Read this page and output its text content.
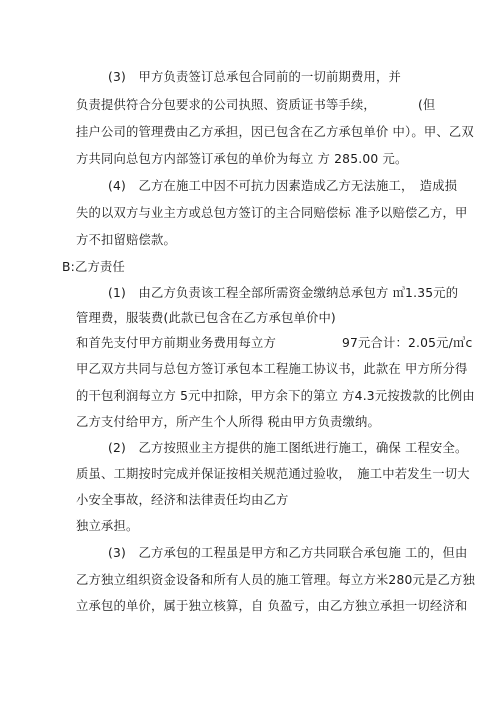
(3)　甲方负责签订总承包合同前的一切前期费用，并
负责提供符合分包要求的公司执照、资质证书等手续，	(但
挂户公司的管理费由乙方承担，因已包含在乙方承包单价 中）。甲、乙双
方共同向总包方内部签订承包的单价为每立 方 285.00 元。
(4)　乙方在施工中因不可抗力因素造成乙方无法施工，　造成损
失的以双方与业主方或总包方签订的主合同赔偿标 准予以赔偿乙方，甲
方不扣留赔偿款。
B:乙方责任
(1)　由乙方负责该工程全部所需资金缴纳总承包方 ㎥1.35元的
管理费，服装费(此款已包含在乙方承包单价中)
和首先支付甲方前期业务费用每立方	97元合计：2.05元/㎥c
甲乙双方共同与总包方签订承包本工程施工协议书，此款在 甲方所分得
的干包利润每立方 5元中扣除，甲方余下的第立 方4.3元按拨款的比例由
乙方支付给甲方，所产生个人所得 税由甲方负责缴纳。
(2)　乙方按照业主方提供的施工图纸进行施工，确保 工程安全。
质虽、工期按时完成并保证按相关规范通过验收，　施工中若发生一切大
小安全事故，经济和法律责任均由乙方
独立承担。
(3)　乙方承包的工程虽是甲方和乙方共同联合承包施 工的，但由
乙方独立组织资金设备和所有人员的施工管理。每立方米280元是乙方独
立承包的单价，属于独立核算，自 负盈亏，由乙方独立承担一切经济和
